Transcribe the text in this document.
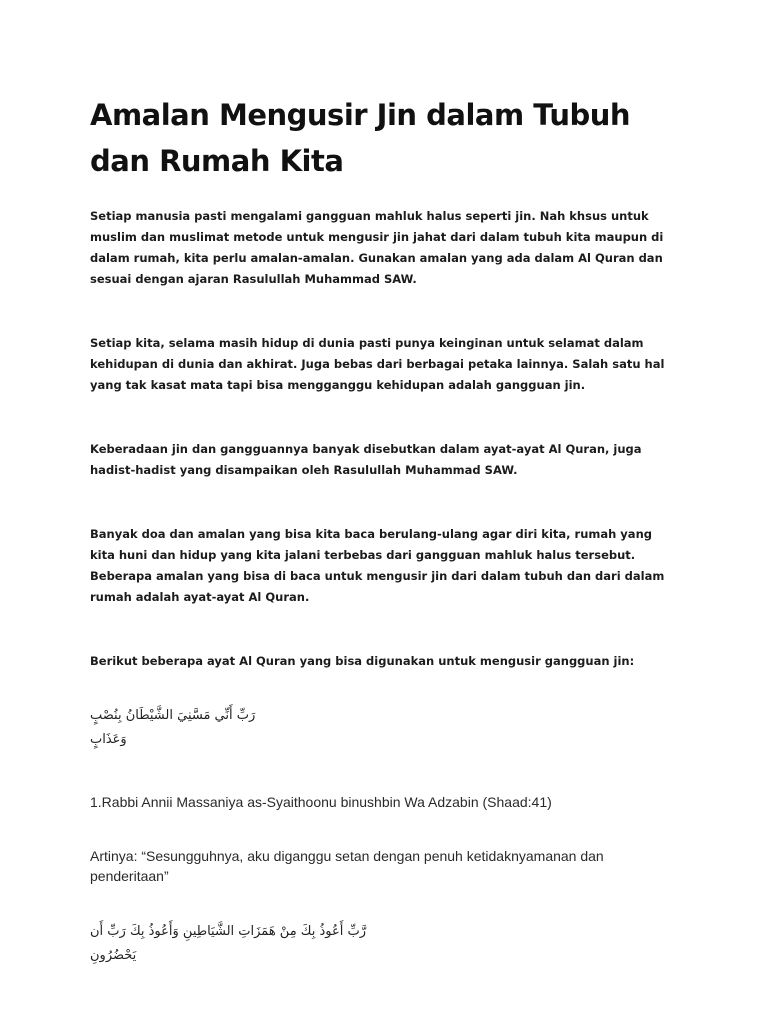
Amalan Mengusir Jin dalam Tubuh dan Rumah Kita

Setiap manusia pasti mengalami gangguan mahluk halus seperti jin. Nah khsus untuk muslim dan muslimat metode untuk mengusir jin jahat dari dalam tubuh kita maupun di dalam rumah, kita perlu amalan-amalan. Gunakan amalan yang ada dalam Al Quran dan sesuai dengan ajaran Rasulullah Muhammad SAW.

Setiap kita, selama masih hidup di dunia pasti punya keinginan untuk selamat dalam kehidupan di dunia dan akhirat. Juga bebas dari berbagai petaka lainnya. Salah satu hal yang tak kasat mata tapi bisa mengganggu kehidupan adalah gangguan jin.

Keberadaan jin dan gangguannya banyak disebutkan dalam ayat-ayat Al Quran, juga hadist-hadist yang disampaikan oleh Rasulullah Muhammad SAW.

Banyak doa dan amalan yang bisa kita baca berulang-ulang agar diri kita, rumah yang kita huni dan hidup yang kita jalani terbebas dari gangguan mahluk halus tersebut. Beberapa amalan yang bisa di baca untuk mengusir jin dari dalam tubuh dan dari dalam rumah adalah ayat-ayat Al Quran.

Berikut beberapa ayat Al Quran yang bisa digunakan untuk mengusir gangguan jin:

رَبِّ أَنِّي مَسَّنِيَ الشَّيْطَانُ بِنُصْبٍ وَعَذَابٍ

1.Rabbi Annii Massaniya as-Syaithoonu binushbin Wa Adzabin (Shaad:41)

Artinya: “Sesungguhnya, aku diganggu setan dengan penuh ketidaknyamanan dan penderitaan”

رَّبِّ أَعُوذُ بِكَ مِنْ هَمَزَاتِ الشَّيَاطِينِ وَأَعُوذُ بِكَ رَبِّ أَن يَحْضُرُونِ
